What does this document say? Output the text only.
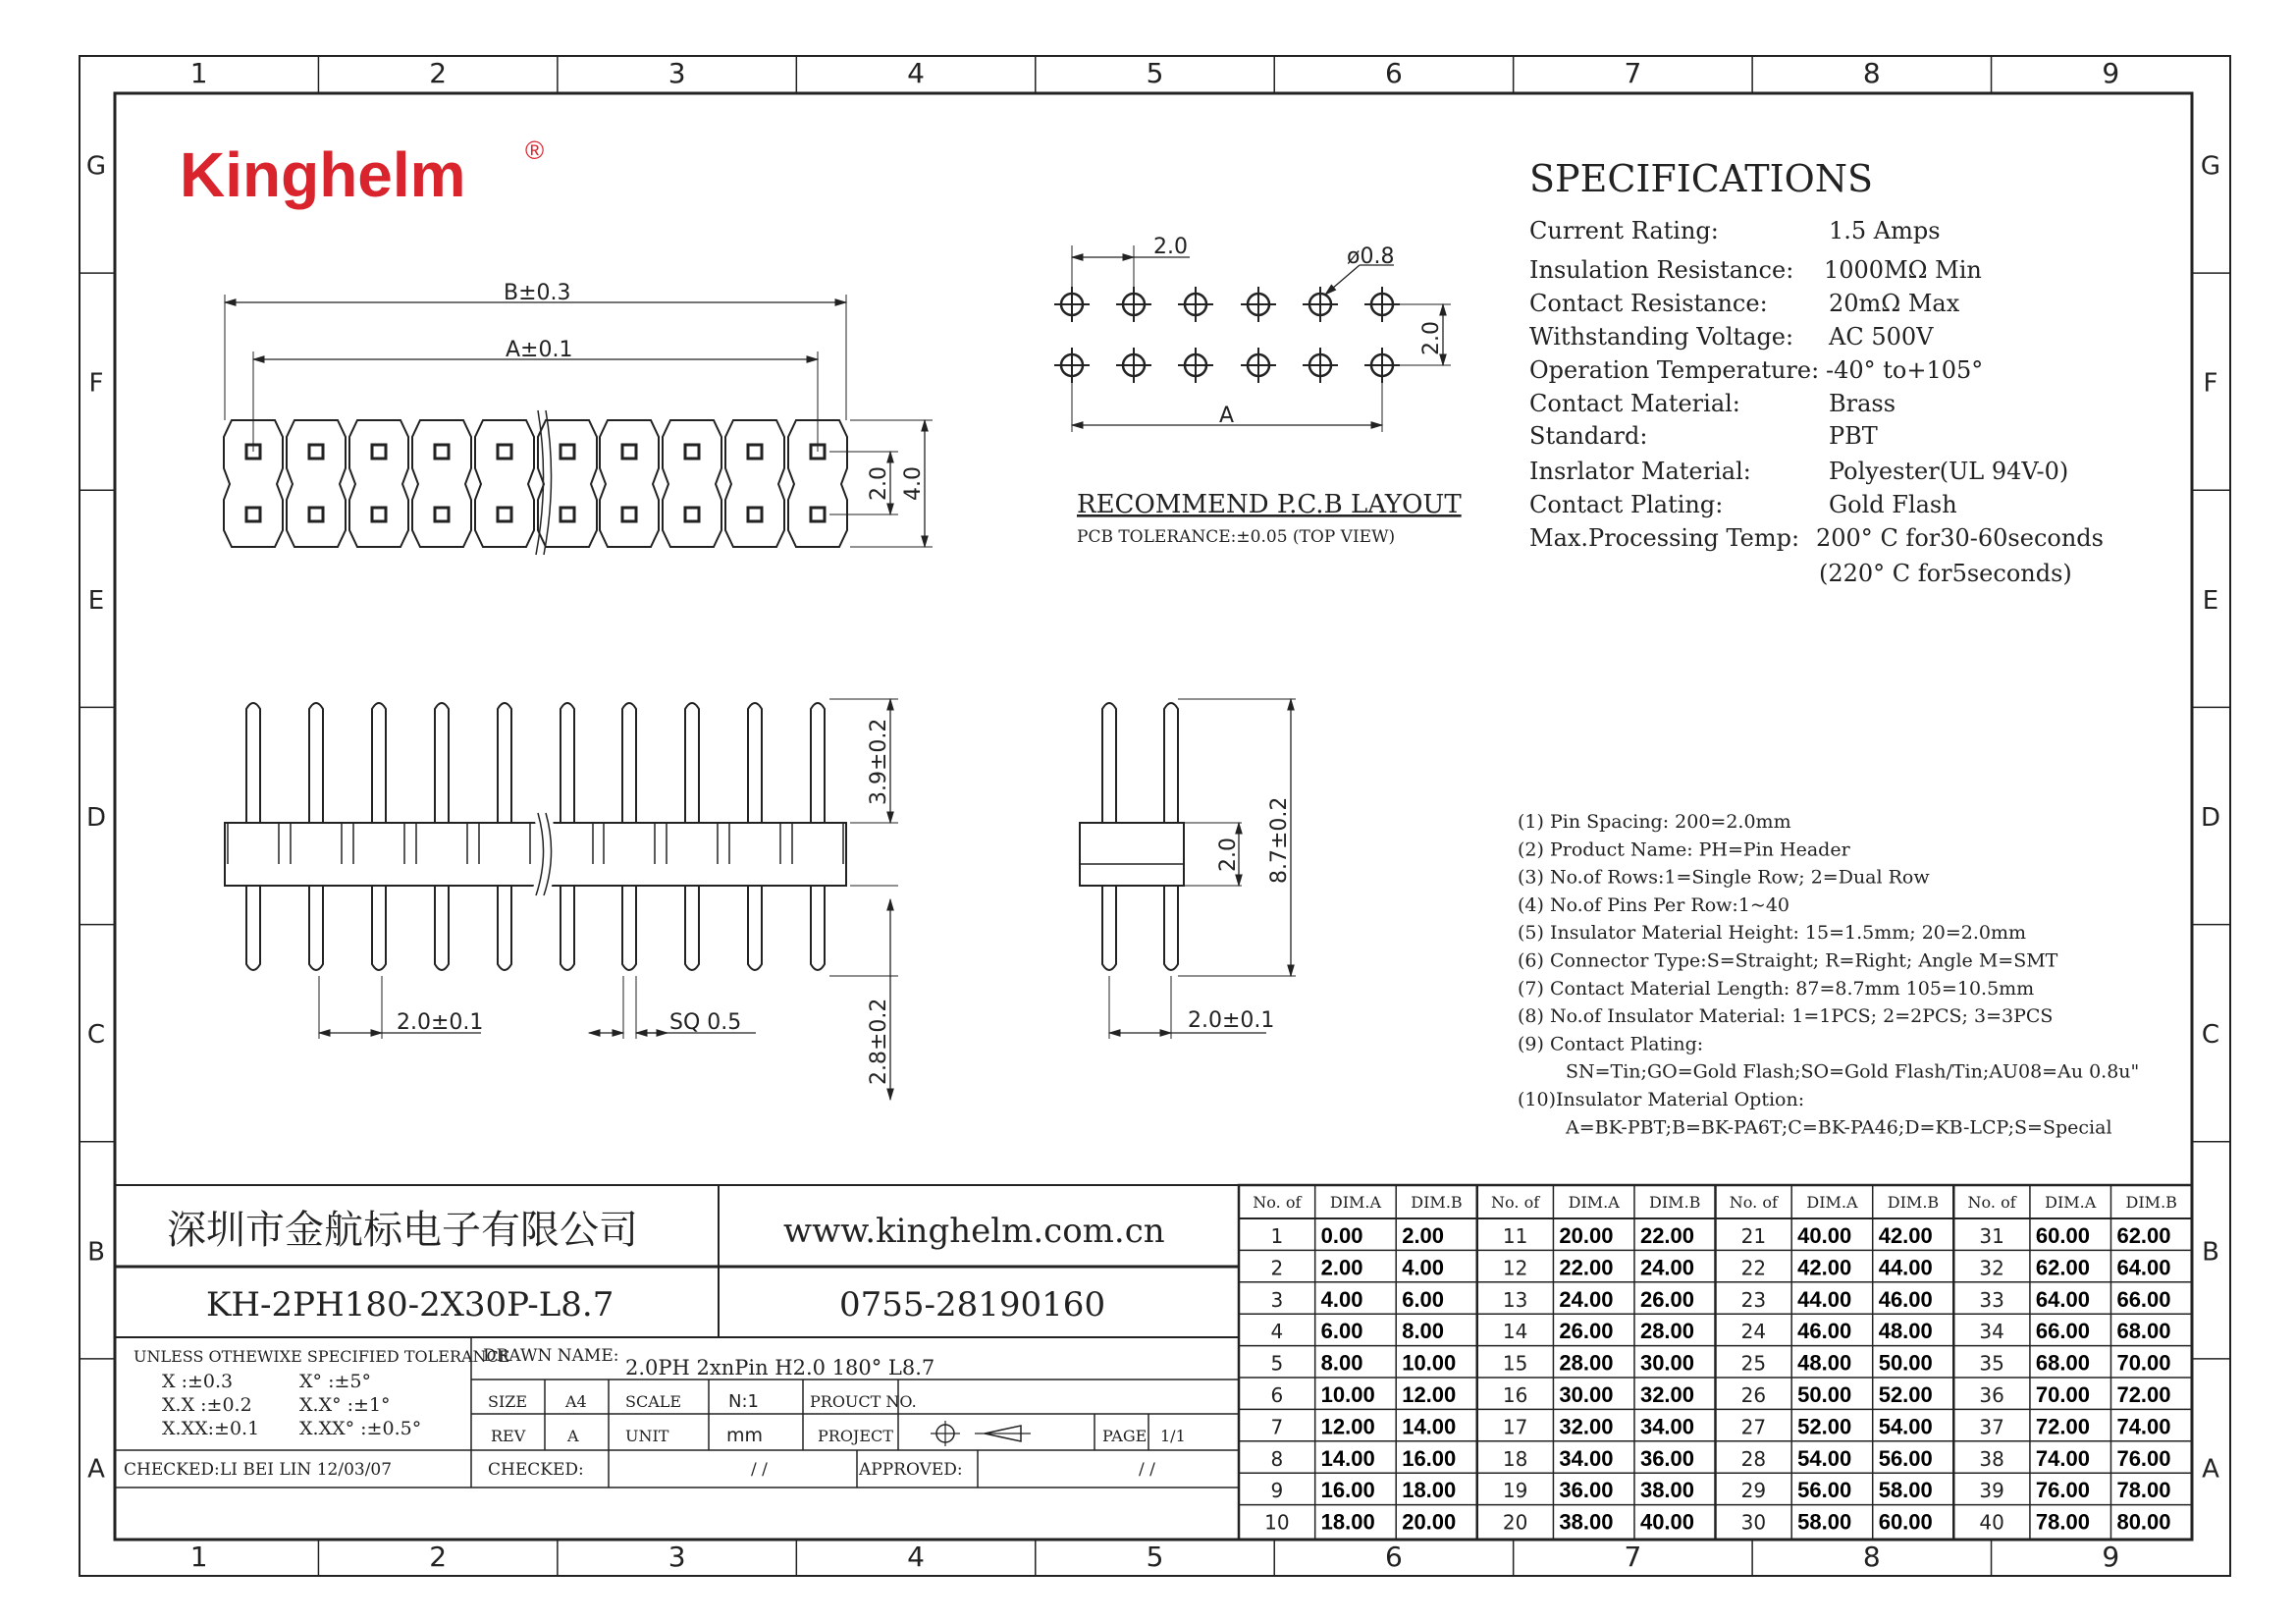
1
1
2
2
3
3
4
4
5
5
6
6
7
7
8
8
9
9
G	G
F	F
E	E
D	D
C	C
B	B
A	A
Kinghelm ®
B±0.3
A±0.1
2.0 4.0
3.9±0.2
2.8±0.2
2.0±0.1	SQ 0.5
2.0 8.7±0.2
2.0±0.1
2.0	ø0.8
2.0
A
RECOMMEND P.C.B LAYOUT
PCB TOLERANCE:±0.05 (TOP VIEW)
SPECIFICATIONS
Current Rating:	1.5 Amps
Insulation Resistance: 1000MΩ Min
Contact Resistance:	20mΩ Max
Withstanding Voltage: AC 500V
Operation Temperature: -40° to+105°
Contact Material:	Brass
Standard:	PBT
Insrlator Material:	Polyester(UL 94V-0)
Contact Plating:	Gold Flash
Max.Processing Temp: 200° C for30-60seconds
(220° C for5seconds)
(1) Pin Spacing: 200=2.0mm
(2) Product Name: PH=Pin Header
(3) No.of Rows:1=Single Row; 2=Dual Row
(4) No.of Pins Per Row:1~40
(5) Insulator Material Height: 15=1.5mm; 20=2.0mm
(6) Connector Type:S=Straight; R=Right; Angle M=SMT
(7) Contact Material Length: 87=8.7mm 105=10.5mm
(8) No.of Insulator Material: 1=1PCS; 2=2PCS; 3=3PCS
(9) Contact Plating:
SN=Tin;GO=Gold Flash;SO=Gold Flash/Tin;AU08=Au 0.8u"
(10)Insulator Material Option:
A=BK-PBT;B=BK-PA6T;C=BK-PA46;D=KB-LCP;S=Special
深圳市金航标电子有限公司	www.kinghelm.com.cn
KH-2PH180-2X30P-L8.7	0755-28190160
UNLESS OTHEWIXE SPECIFIED TOLERANCE
X :±0.3	X° :±5°
X.X :±0.2	X.X° :±1°
X.XX:±0.1 X.XX° :±0.5°
DRAWN NAME: 2.0PH 2xnPin H2.0 180° L8.7
SIZE A4 SCALE	N:1	PROUCT NO.
REV	A	UNIT	mm	PROJECT	PAGE 1/1
CHECKED: LI BEI LIN 12/03/07	CHECKED:	/ /	APPROVED:	/ /
No. of DIM.A DIM.B No. of DIM.A DIM.B No. of DIM.A DIM.B No. of DIM.A DIM.B
1 0.00 2.00	11 20.00 22.00 21 40.00 42.00 31 60.00 62.00
2 2.00 4.00	12 22.00 24.00 22 42.00 44.00 32 62.00 64.00
3 4.00 6.00	13 24.00 26.00 23 44.00 46.00 33 64.00 66.00
4 6.00 8.00	14 26.00 28.00 24 46.00 48.00 34 66.00 68.00
5 8.00 10.00 15 28.00 30.00 25 48.00 50.00 35 68.00 70.00
6 10.00 12.00 16 30.00 32.00 26 50.00 52.00 36 70.00 72.00
7 12.00 14.00 17 32.00 34.00 27 52.00 54.00 37 72.00 74.00
8 14.00 16.00 18 34.00 36.00 28 54.00 56.00 38 74.00 76.00
9 16.00 18.00 19 36.00 38.00 29 56.00 58.00 39 76.00 78.00
10 18.00 20.00 20 38.00 40.00 30 58.00 60.00 40 78.00 80.00
